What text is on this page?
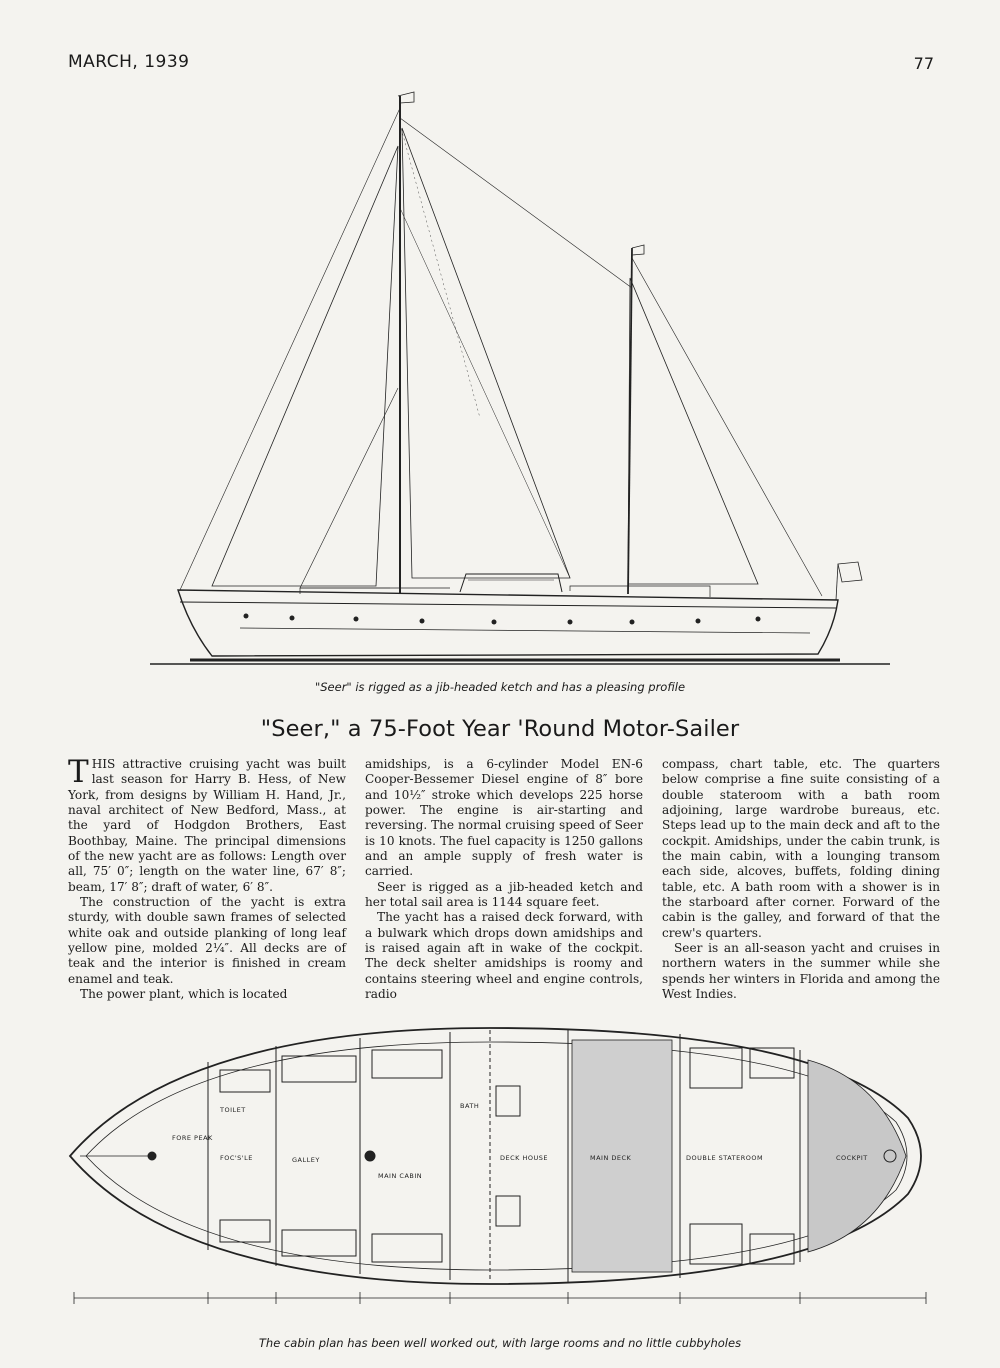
MARCH, 1939	77
"Seer" is rigged as a jib-headed ketch and has a pleasing profile
"Seer," a 75-Foot Year 'Round Motor-Sailer

THIS attractive cruising yacht was built last season for Harry B. Hess, of New York, from designs by William H. Hand, Jr., naval architect of New Bedford, Mass., at the yard of Hodgdon Brothers, East Boothbay, Maine. The principal dimensions of the new yacht are as follows: Length over all, 75′ 0″; length on the water line, 67′ 8″; beam, 17′ 8″; draft of water, 6′ 8″.

The construction of the yacht is extra sturdy, with double sawn frames of selected white oak and outside planking of long leaf yellow pine, molded 2¼″. All decks are of teak and the interior is finished in cream enamel and teak.

The power plant, which is located

amidships, is a 6-cylinder Model EN-6 Cooper-Bessemer Diesel engine of 8″ bore and 10½″ stroke which develops 225 horse power. The engine is air-starting and reversing. The normal cruising speed of Seer is 10 knots. The fuel capacity is 1250 gallons and an ample supply of fresh water is carried.

Seer is rigged as a jib-headed ketch and her total sail area is 1144 square feet.

The yacht has a raised deck forward, with a bulwark which drops down amidships and is raised again aft in wake of the cockpit. The deck shelter amidships is roomy and contains steering wheel and engine controls, radio

compass, chart table, etc. The quarters below comprise a fine suite consisting of a double stateroom with a bath room adjoining, large wardrobe bureaus, etc. Steps lead up to the main deck and aft to the cockpit. Amidships, under the cabin trunk, is the main cabin, with a lounging transom each side, alcoves, buffets, folding dining table, etc. A bath room with a shower is in the starboard after corner. Forward of the cabin is the galley, and forward of that the crew's quarters.

Seer is an all-season yacht and cruises in northern waters in the summer while she spends her winters in Florida and among the West Indies.

FORE PEAK
TOILET
FOC'S'LE	GALLEY
MAIN CABIN
BATH
DECK HOUSE	MAIN DECK	DOUBLE STATEROOM	COCKPIT
The cabin plan has been well worked out, with large rooms and no little cubbyholes
